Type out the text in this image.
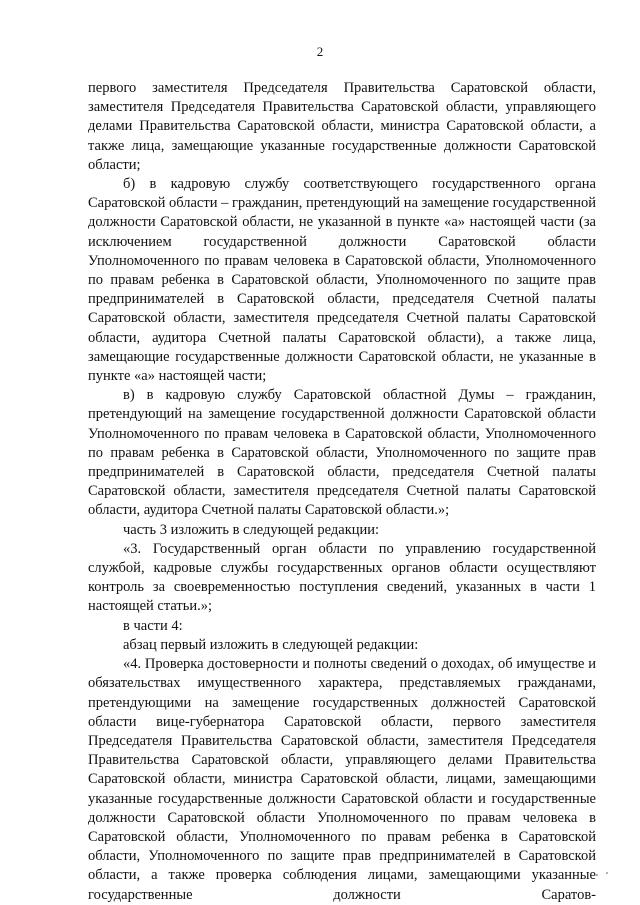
2

первого заместителя Председателя Правительства Саратовской области, заместителя Председателя Правительства Саратовской области, управляющего делами Правительства Саратовской области, министра Саратовской области, а также лица, замещающие указанные государственные должности Саратовской области;

б) в кадровую службу соответствующего государственного органа Саратовской области – гражданин, претендующий на замещение государственной должности Саратовской области, не указанной в пункте «а» настоящей части (за исключением государственной должности Саратовской области Уполномоченного по правам человека в Саратовской области, Уполномоченного по правам ребенка в Саратовской области, Уполномоченного по защите прав предпринимателей в Саратовской области, председателя Счетной палаты Саратовской области, заместителя председателя Счетной палаты Саратовской области, аудитора Счетной палаты Саратовской области), а также лица, замещающие государственные должности Саратовской области, не указанные в пункте «а» настоящей части;

в) в кадровую службу Саратовской областной Думы – гражданин, претендующий на замещение государственной должности Саратовской области Уполномоченного по правам человека в Саратовской области, Уполномоченного по правам ребенка в Саратовской области, Уполномоченного по защите прав предпринимателей в Саратовской области, председателя Счетной палаты Саратовской области, заместителя председателя Счетной палаты Саратовской области, аудитора Счетной палаты Саратовской области.»;

часть 3 изложить в следующей редакции:

«3. Государственный орган области по управлению государственной службой, кадровые службы государственных органов области осуществляют контроль за своевременностью поступления сведений, указанных в части 1 настоящей статьи.»;

в части 4:

абзац первый изложить в следующей редакции:

«4. Проверка достоверности и полноты сведений о доходах, об имуществе и обязательствах имущественного характера, представляемых гражданами, претендующими на замещение государственных должностей Саратовской области вице-губернатора Саратовской области, первого заместителя Председателя Правительства Саратовской области, заместителя Председателя Правительства Саратовской области, управляющего делами Правительства Саратовской области, министра Саратовской области, лицами, замещающими указанные государственные должности Саратовской области и государственные должности Саратовской области Уполномоченного по правам человека в Саратовской области, Уполномоченного по правам ребенка в Саратовской области, Уполномоченного по защите прав предпринимателей в Саратовской области, а также проверка соблюдения лицами, замещающими указанные государственные должности Саратов-
